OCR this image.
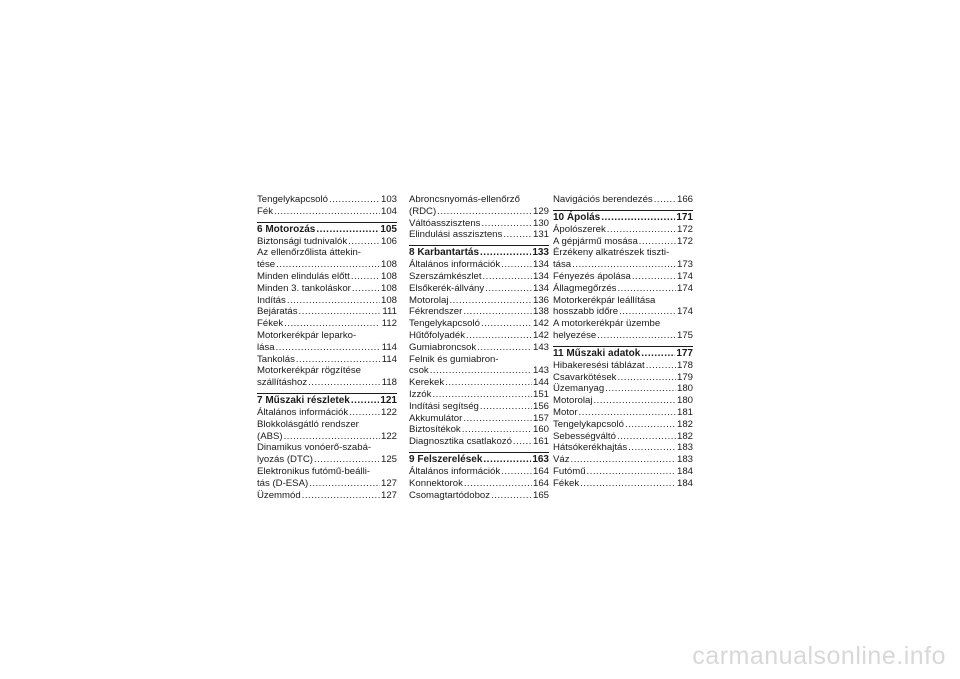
Tengelykapcsoló .....	103
Fék .....	104
6 Motorozás .....	105
Biztonsági tudnivalók .....	106
Az ellenőrzőlista áttekin-
tése .....	108
Minden elindulás előtt .....	108
Minden 3. tankoláskor .....	108
Indítás .....	108
Bejáratás .....	111
Fékek .....	112
Motorkerékpár leparko-
lása .....	114
Tankolás .....	114
Motorkerékpár rögzítése
szállításhoz .....	118
7 Műszaki részletek .....	121
Általános információk .....	122
Blokkolásgátló rendszer
(ABS) .....	122
Dinamikus vonóerő-szabá-
lyozás (DTC) .....	125
Elektronikus futómű-beálli-
tás (D-ESA) .....	127
Üzemmód .....	127
Abroncsnyomás-ellenőrző
(RDC) .....	129
Váltóasszisztens .....	130
Elindulási asszisztens .....	131
8 Karbantartás .....	133
Általános információk .....	134
Szerszámkészlet .....	134
Elsőkerék-állvány .....	134
Motorolaj .....	136
Fékrendszer .....	138
Tengelykapcsoló .....	142
Hűtőfolyadék .....	142
Gumiabroncsok .....	143
Felnik és gumiabron-
csok .....	143
Kerekek .....	144
Izzók .....	151
Indítási segítség .....	156
Akkumulátor .....	157
Biztosítékok .....	160
Diagnosztika csatlakozó ..... 161
9 Felszerelések .....	163
Általános információk .....	164
Konnektorok .....	164
Csomagtartódoboz .....	165
Navigációs berendezés .....	166
10 Ápolás .....	171
Ápolószerek .....	172
A gépjármű mosása .....	172
Érzékeny alkatrészek tiszti-
tása .....	173
Fényezés ápolása .....	174
Állagmegőrzés .....	174
Motorkerékpár leállítása
hosszabb időre .....	174
A motorkerékpár üzembe
helyezése .....	175
11 Műszaki adatok .....	177
Hibakeresési táblázat .....	178
Csavarkötések .....	179
Üzemanyag .....	180
Motorolaj .....	180
Motor .....	181
Tengelykapcsoló .....	182
Sebességváltó .....	182
Hátsókerékhajtás .....	183
Váz .....	183
Futómű .....	184
Fékek .....	184
carmanualsonline.info
